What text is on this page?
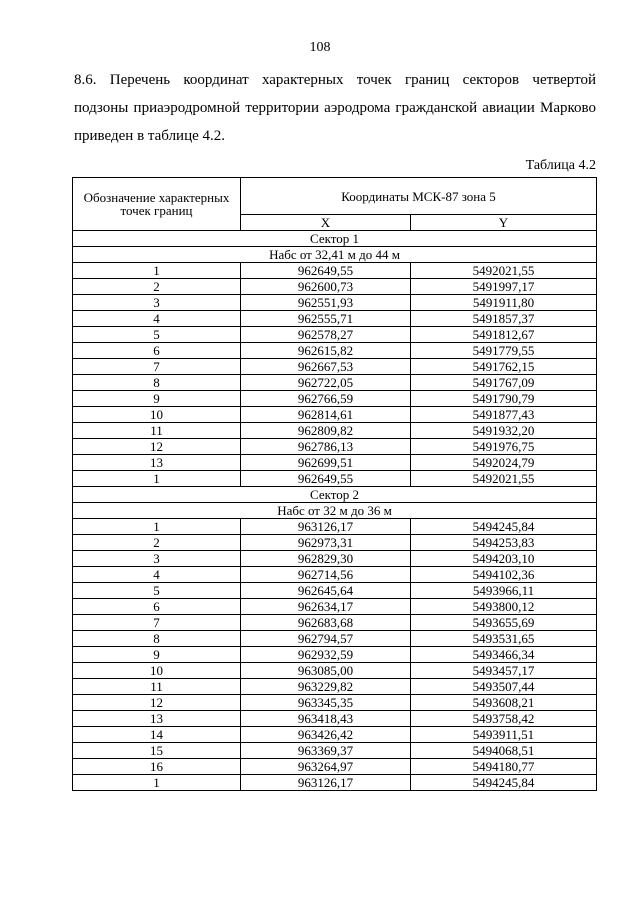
108
8.6. Перечень координат характерных точек границ секторов четвертой
подзоны приаэродромной территории аэродрома гражданской авиации Марково
приведен в таблице 4.2.
Таблица 4.2
Обозначение характерных точек границ	Координаты МСК-87 зона 5	
	X	Y
Сектор 1		
Набс от 32,41 м до 44 м		
1	962649,55	5492021,55
2	962600,73	5491997,17
3	962551,93	5491911,80
4	962555,71	5491857,37
5	962578,27	5491812,67
6	962615,82	5491779,55
7	962667,53	5491762,15
8	962722,05	5491767,09
9	962766,59	5491790,79
10	962814,61	5491877,43
11	962809,82	5491932,20
12	962786,13	5491976,75
13	962699,51	5492024,79
1	962649,55	5492021,55
Сектор 2		
Набс от 32 м до 36 м		
1	963126,17	5494245,84
2	962973,31	5494253,83
3	962829,30	5494203,10
4	962714,56	5494102,36
5	962645,64	5493966,11
6	962634,17	5493800,12
7	962683,68	5493655,69
8	962794,57	5493531,65
9	962932,59	5493466,34
10	963085,00	5493457,17
11	963229,82	5493507,44
12	963345,35	5493608,21
13	963418,43	5493758,42
14	963426,42	5493911,51
15	963369,37	5494068,51
16	963264,97	5494180,77
1	963126,17	5494245,84
